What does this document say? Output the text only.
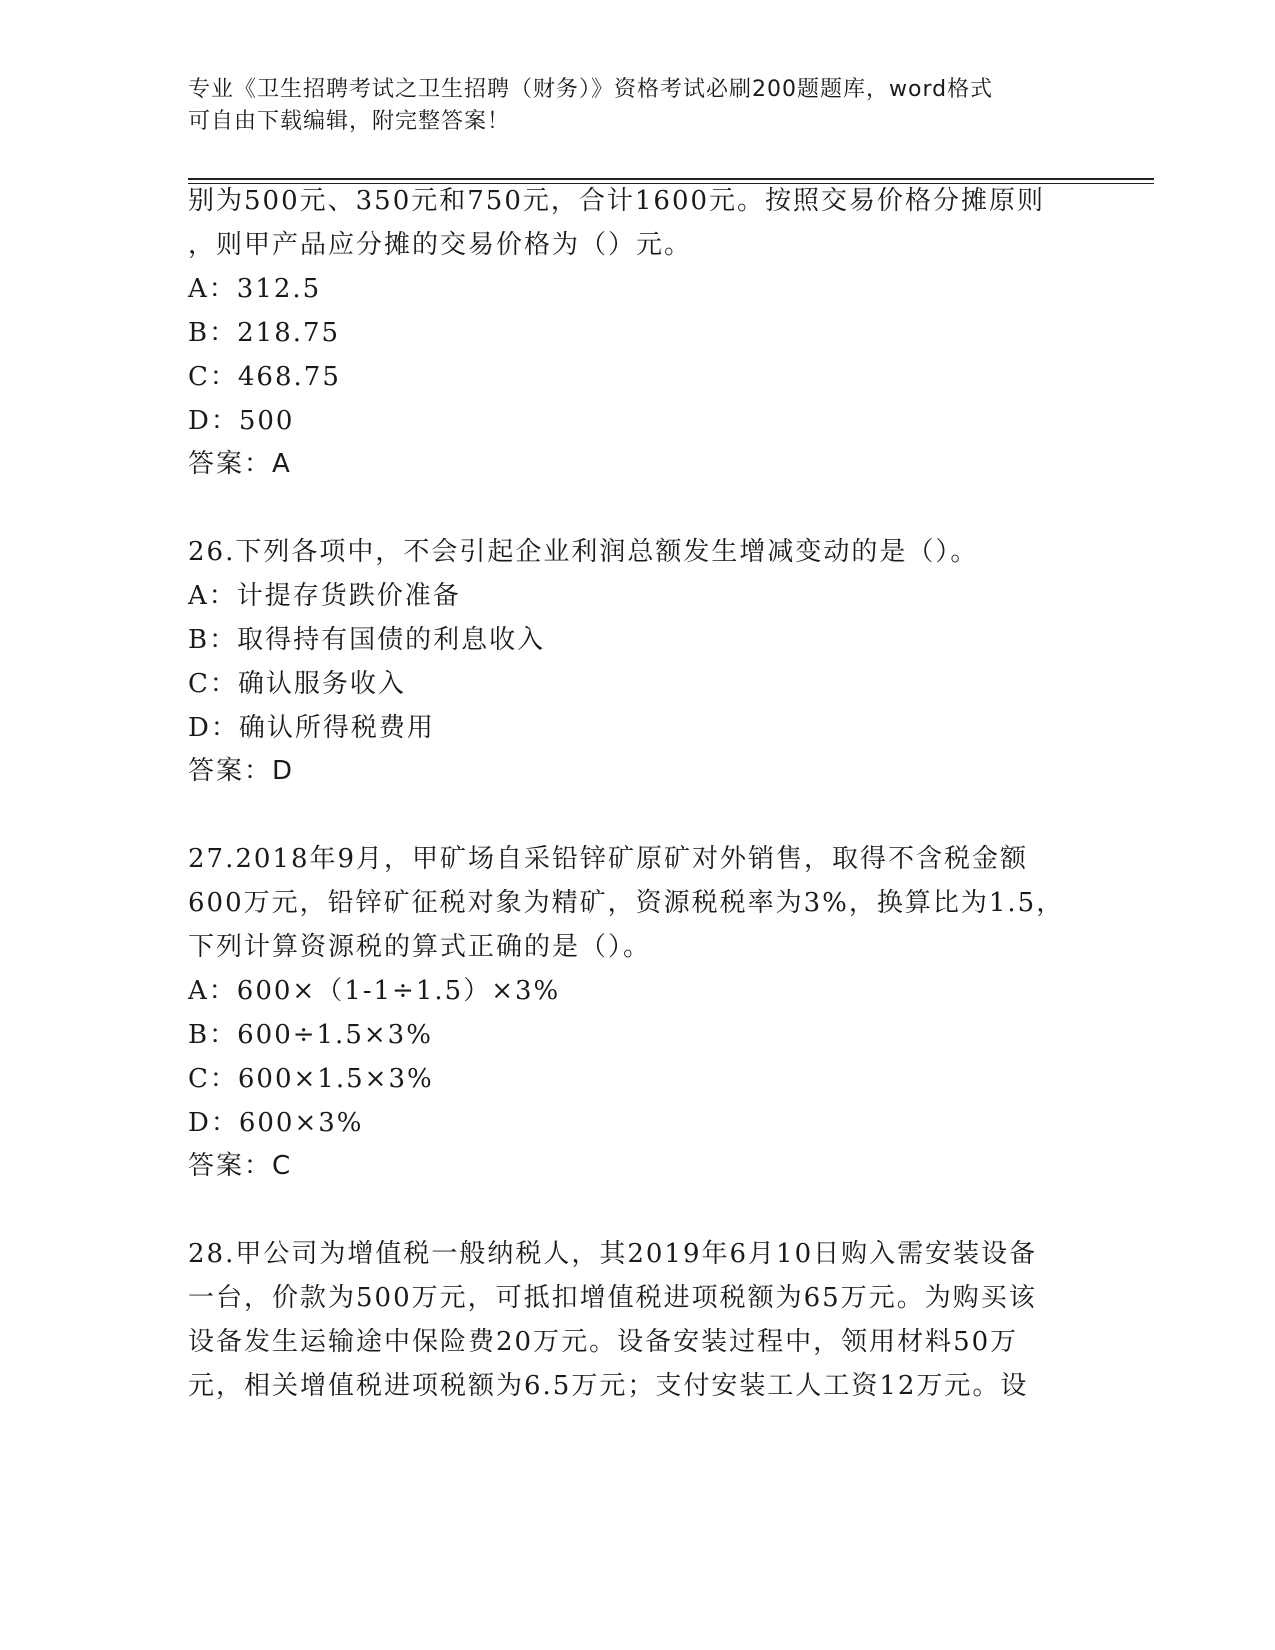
专业《卫生招聘考试之卫生招聘（财务）》资格考试必刷200题题库，word格式
可自由下载编辑，附完整答案！
别为500元、350元和750元，合计1600元。按照交易价格分摊原则
，则甲产品应分摊的交易价格为（）元。
A：312.5
B：218.75
C：468.75
D：500
答案：A
26.下列各项中，不会引起企业利润总额发生增减变动的是（）。
A：计提存货跌价准备
B：取得持有国债的利息收入
C：确认服务收入
D：确认所得税费用
答案：D
27.2018年9月，甲矿场自采铅锌矿原矿对外销售，取得不含税金额
600万元，铅锌矿征税对象为精矿，资源税税率为3%，换算比为1.5，
下列计算资源税的算式正确的是（）。
A：600×（1-1÷1.5）×3%
B：600÷1.5×3%
C：600×1.5×3%
D：600×3%
答案：C
28.甲公司为增值税一般纳税人，其2019年6月10日购入需安装设备
一台，价款为500万元，可抵扣增值税进项税额为65万元。为购买该
设备发生运输途中保险费20万元。设备安装过程中，领用材料50万
元，相关增值税进项税额为6.5万元；支付安装工人工资12万元。设
